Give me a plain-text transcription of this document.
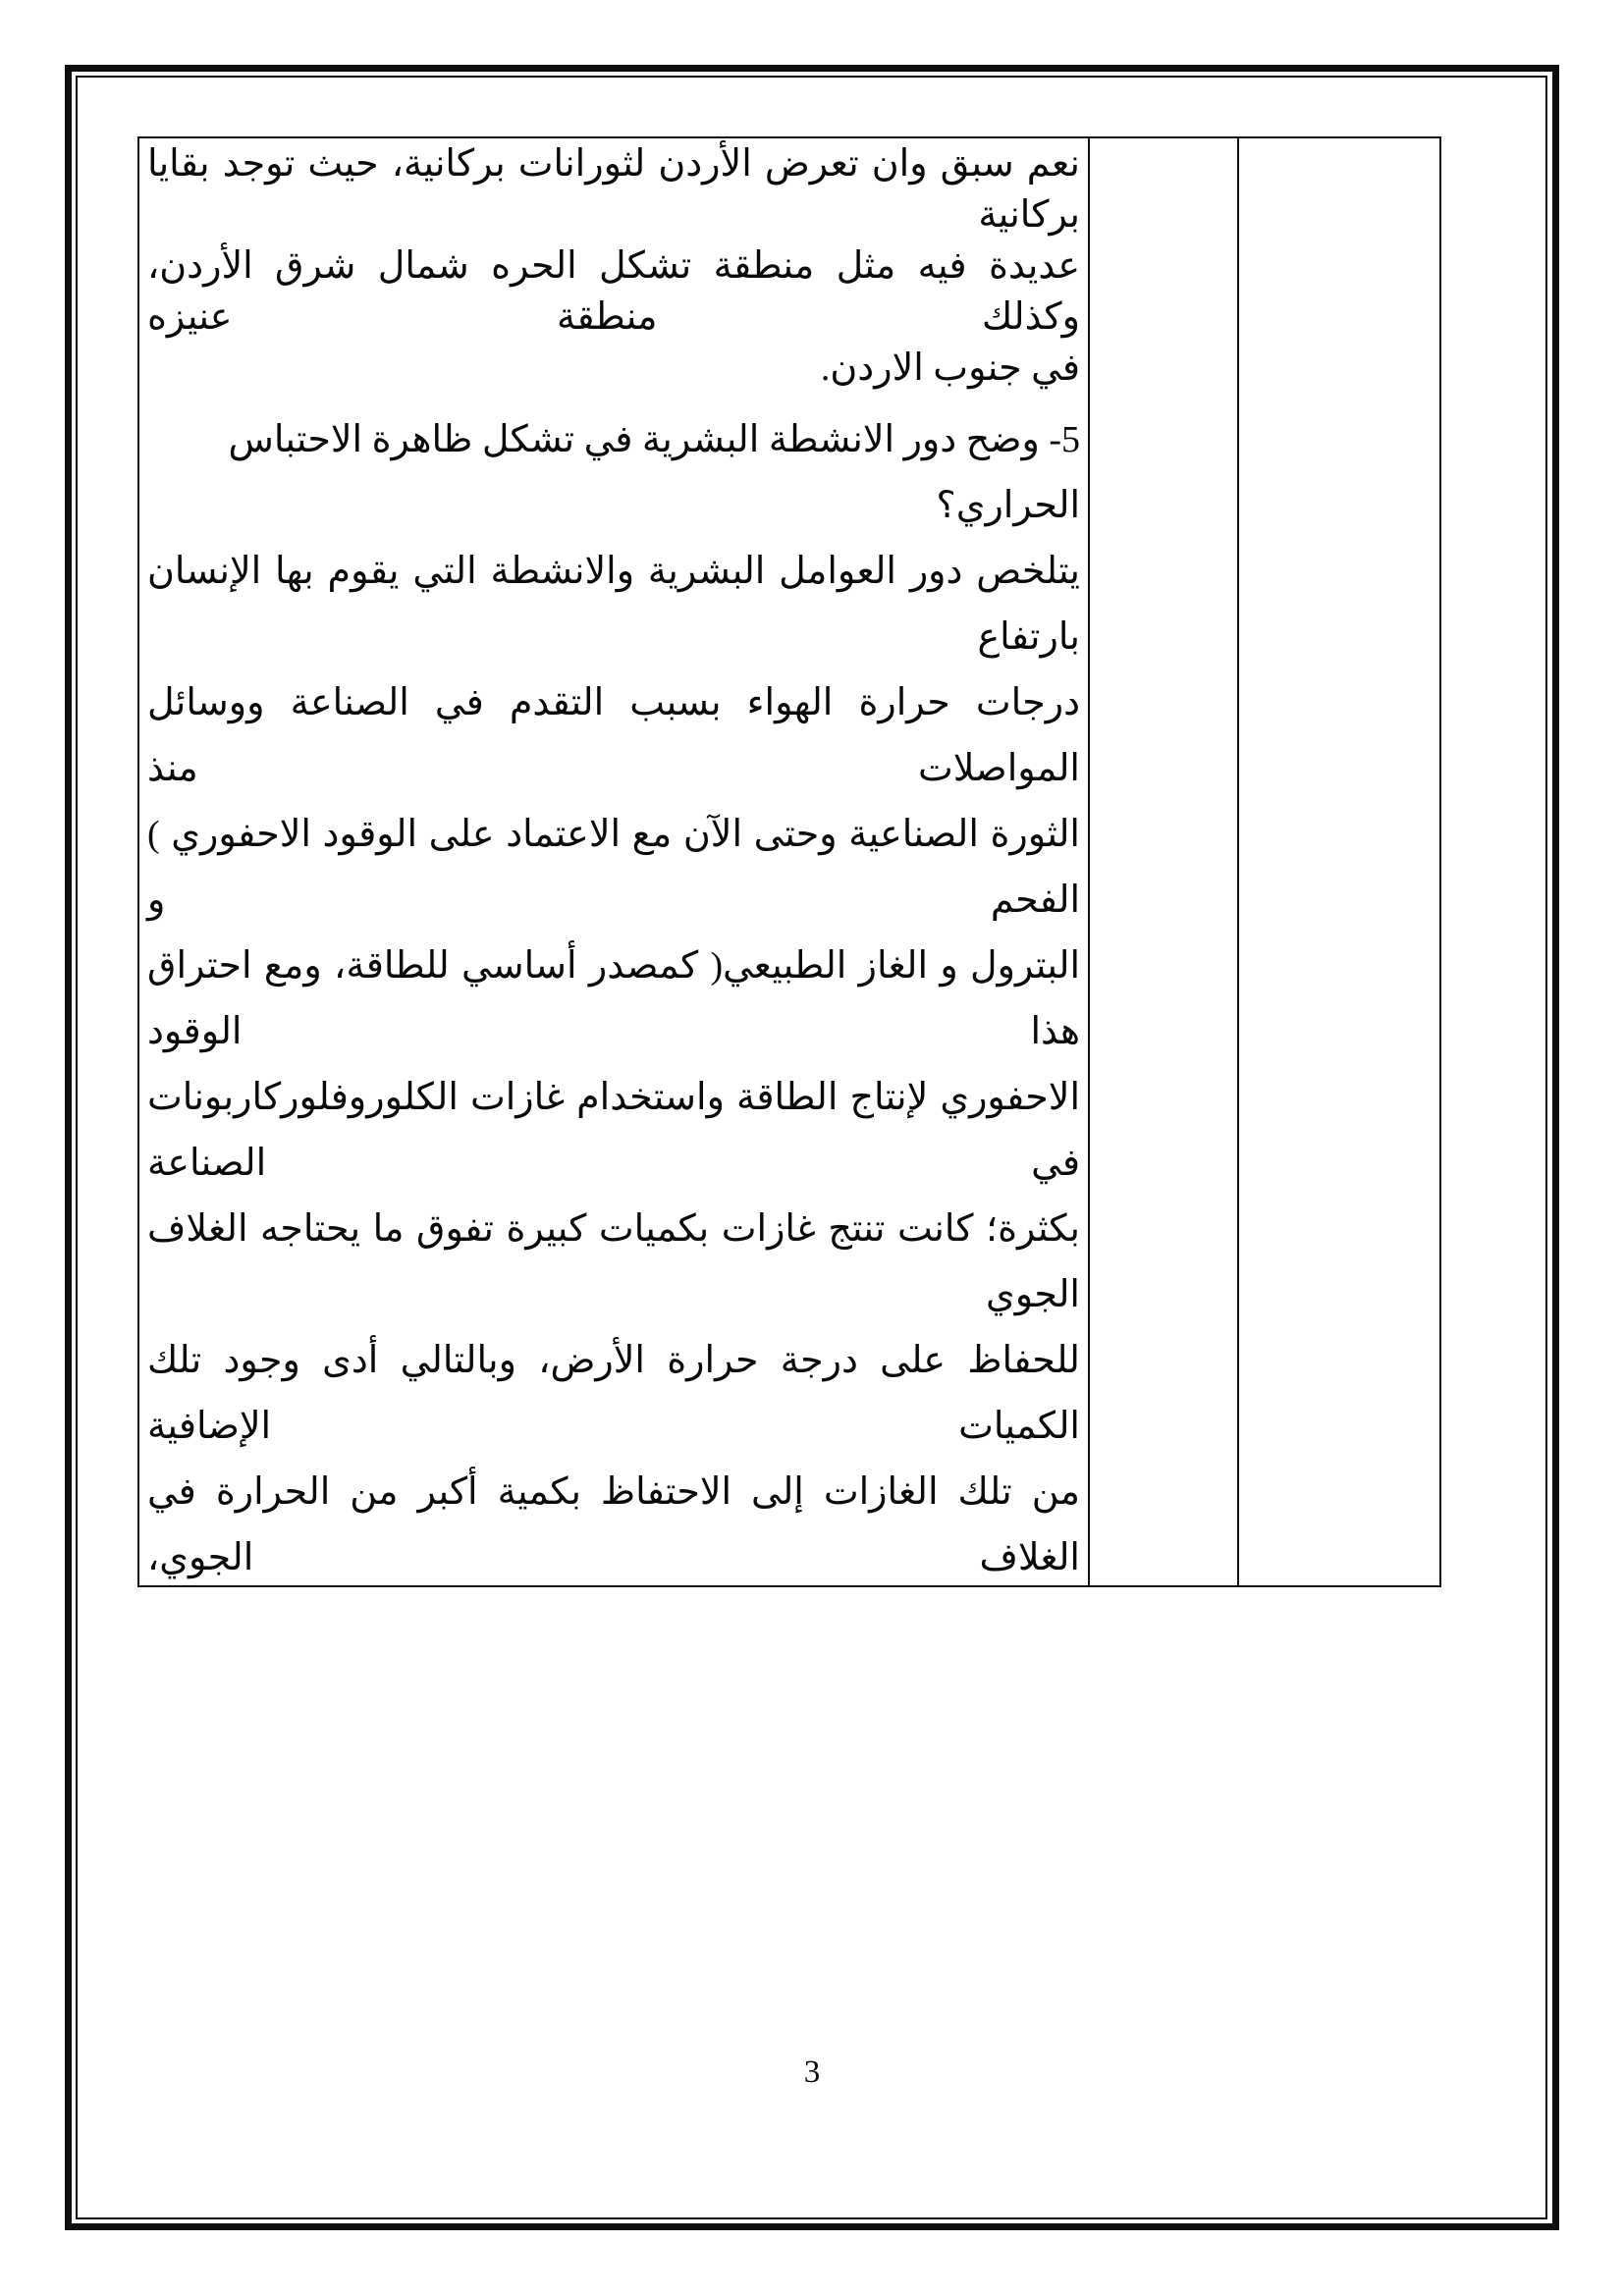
نعم سبق وان تعرض الأردن لثورانات بركانية، حيث توجد بقايا بركانية
عديدة فيه مثل منطقة تشكل الحره شمال شرق الأردن، وكذلك منطقة عنيزه
في جنوب الاردن.
5- وضح دور الانشطة البشرية في تشكل ظاهرة الاحتباس الحراري؟
يتلخص دور العوامل البشرية والانشطة التي يقوم بها الإنسان بارتفاع
درجات حرارة الهواء بسبب التقدم في الصناعة ووسائل المواصلات منذ
الثورة الصناعية وحتى الآن مع الاعتماد على الوقود الاحفوري ) الفحم و
البترول و الغاز الطبيعي( كمصدر أساسي للطاقة، ومع احتراق هذا الوقود
الاحفوري لإنتاج الطاقة واستخدام غازات الكلوروفلوركاربونات في الصناعة
بكثرة؛ كانت تنتج غازات بكميات كبيرة تفوق ما يحتاجه الغلاف الجوي
للحفاظ على درجة حرارة الأرض، وبالتالي أدى وجود تلك الكميات الإضافية
من تلك الغازات إلى الاحتفاظ بكمية أكبر من الحرارة في الغلاف الجوي،
3
